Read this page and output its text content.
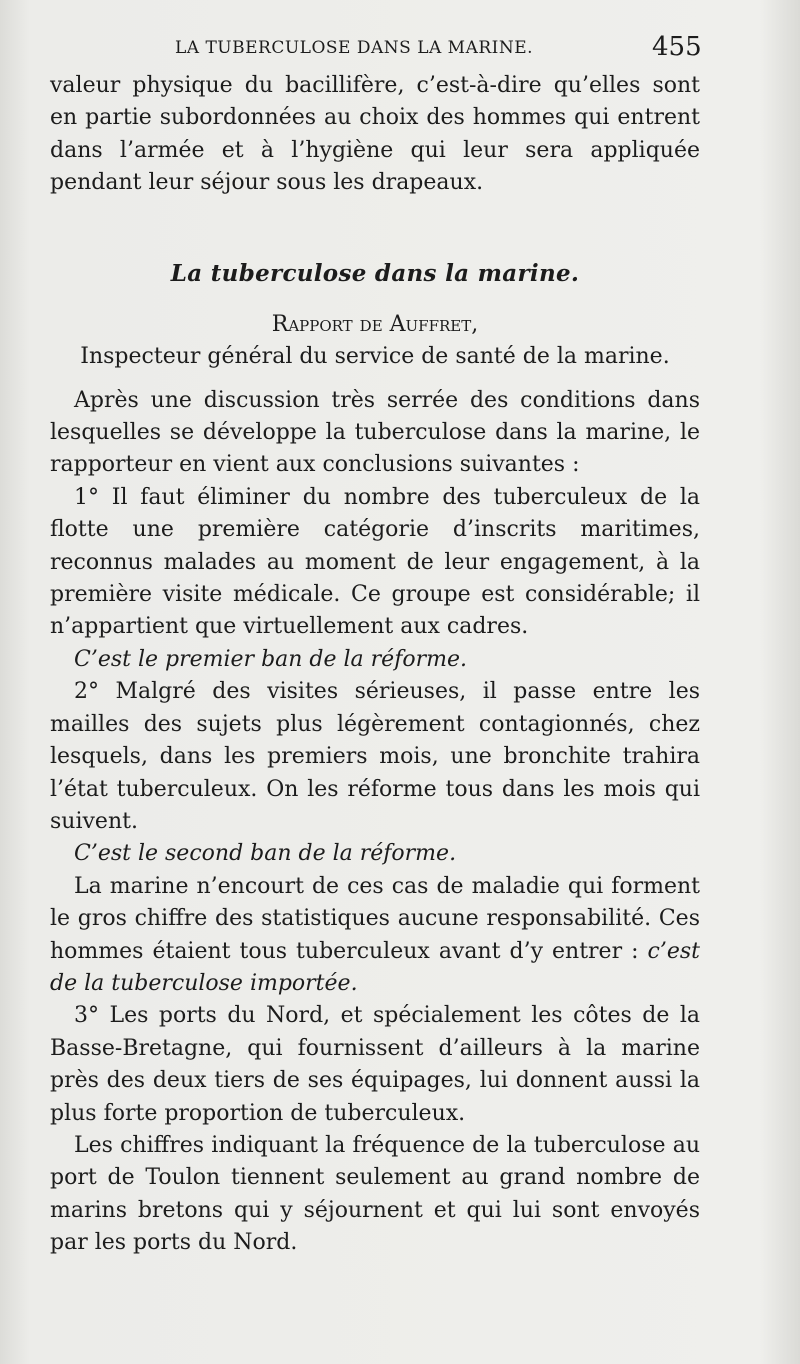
LA TUBERCULOSE DANS LA MARINE.	455

valeur physique du bacillifère, c’est-à-dire qu’elles sont en partie subordonnées au choix des hommes qui entrent dans l’armée et à l’hygiène qui leur sera appliquée pendant leur séjour sous les drapeaux.

La tuberculose dans la marine.

Rapport de Auffret,

Inspecteur général du service de santé de la marine.

Après une discussion très serrée des conditions dans lesquelles se développe la tuberculose dans la marine, le rapporteur en vient aux conclusions suivantes :

1° Il faut éliminer du nombre des tuberculeux de la flotte une première catégorie d’inscrits maritimes, reconnus malades au moment de leur engagement, à la première visite médicale. Ce groupe est considérable; il n’appartient que virtuellement aux cadres.

C’est le premier ban de la réforme.

2° Malgré des visites sérieuses, il passe entre les mailles des sujets plus légèrement contagionnés, chez lesquels, dans les premiers mois, une bronchite trahira l’état tuberculeux. On les réforme tous dans les mois qui suivent.

C’est le second ban de la réforme.

La marine n’encourt de ces cas de maladie qui forment le gros chiffre des statistiques aucune responsabilité. Ces hommes étaient tous tuberculeux avant d’y entrer : c’est de la tuberculose importée.

3° Les ports du Nord, et spécialement les côtes de la Basse-Bretagne, qui fournissent d’ailleurs à la marine près des deux tiers de ses équipages, lui donnent aussi la plus forte proportion de tuberculeux.

Les chiffres indiquant la fréquence de la tuberculose au port de Toulon tiennent seulement au grand nombre de marins bretons qui y séjournent et qui lui sont envoyés par les ports du Nord.
